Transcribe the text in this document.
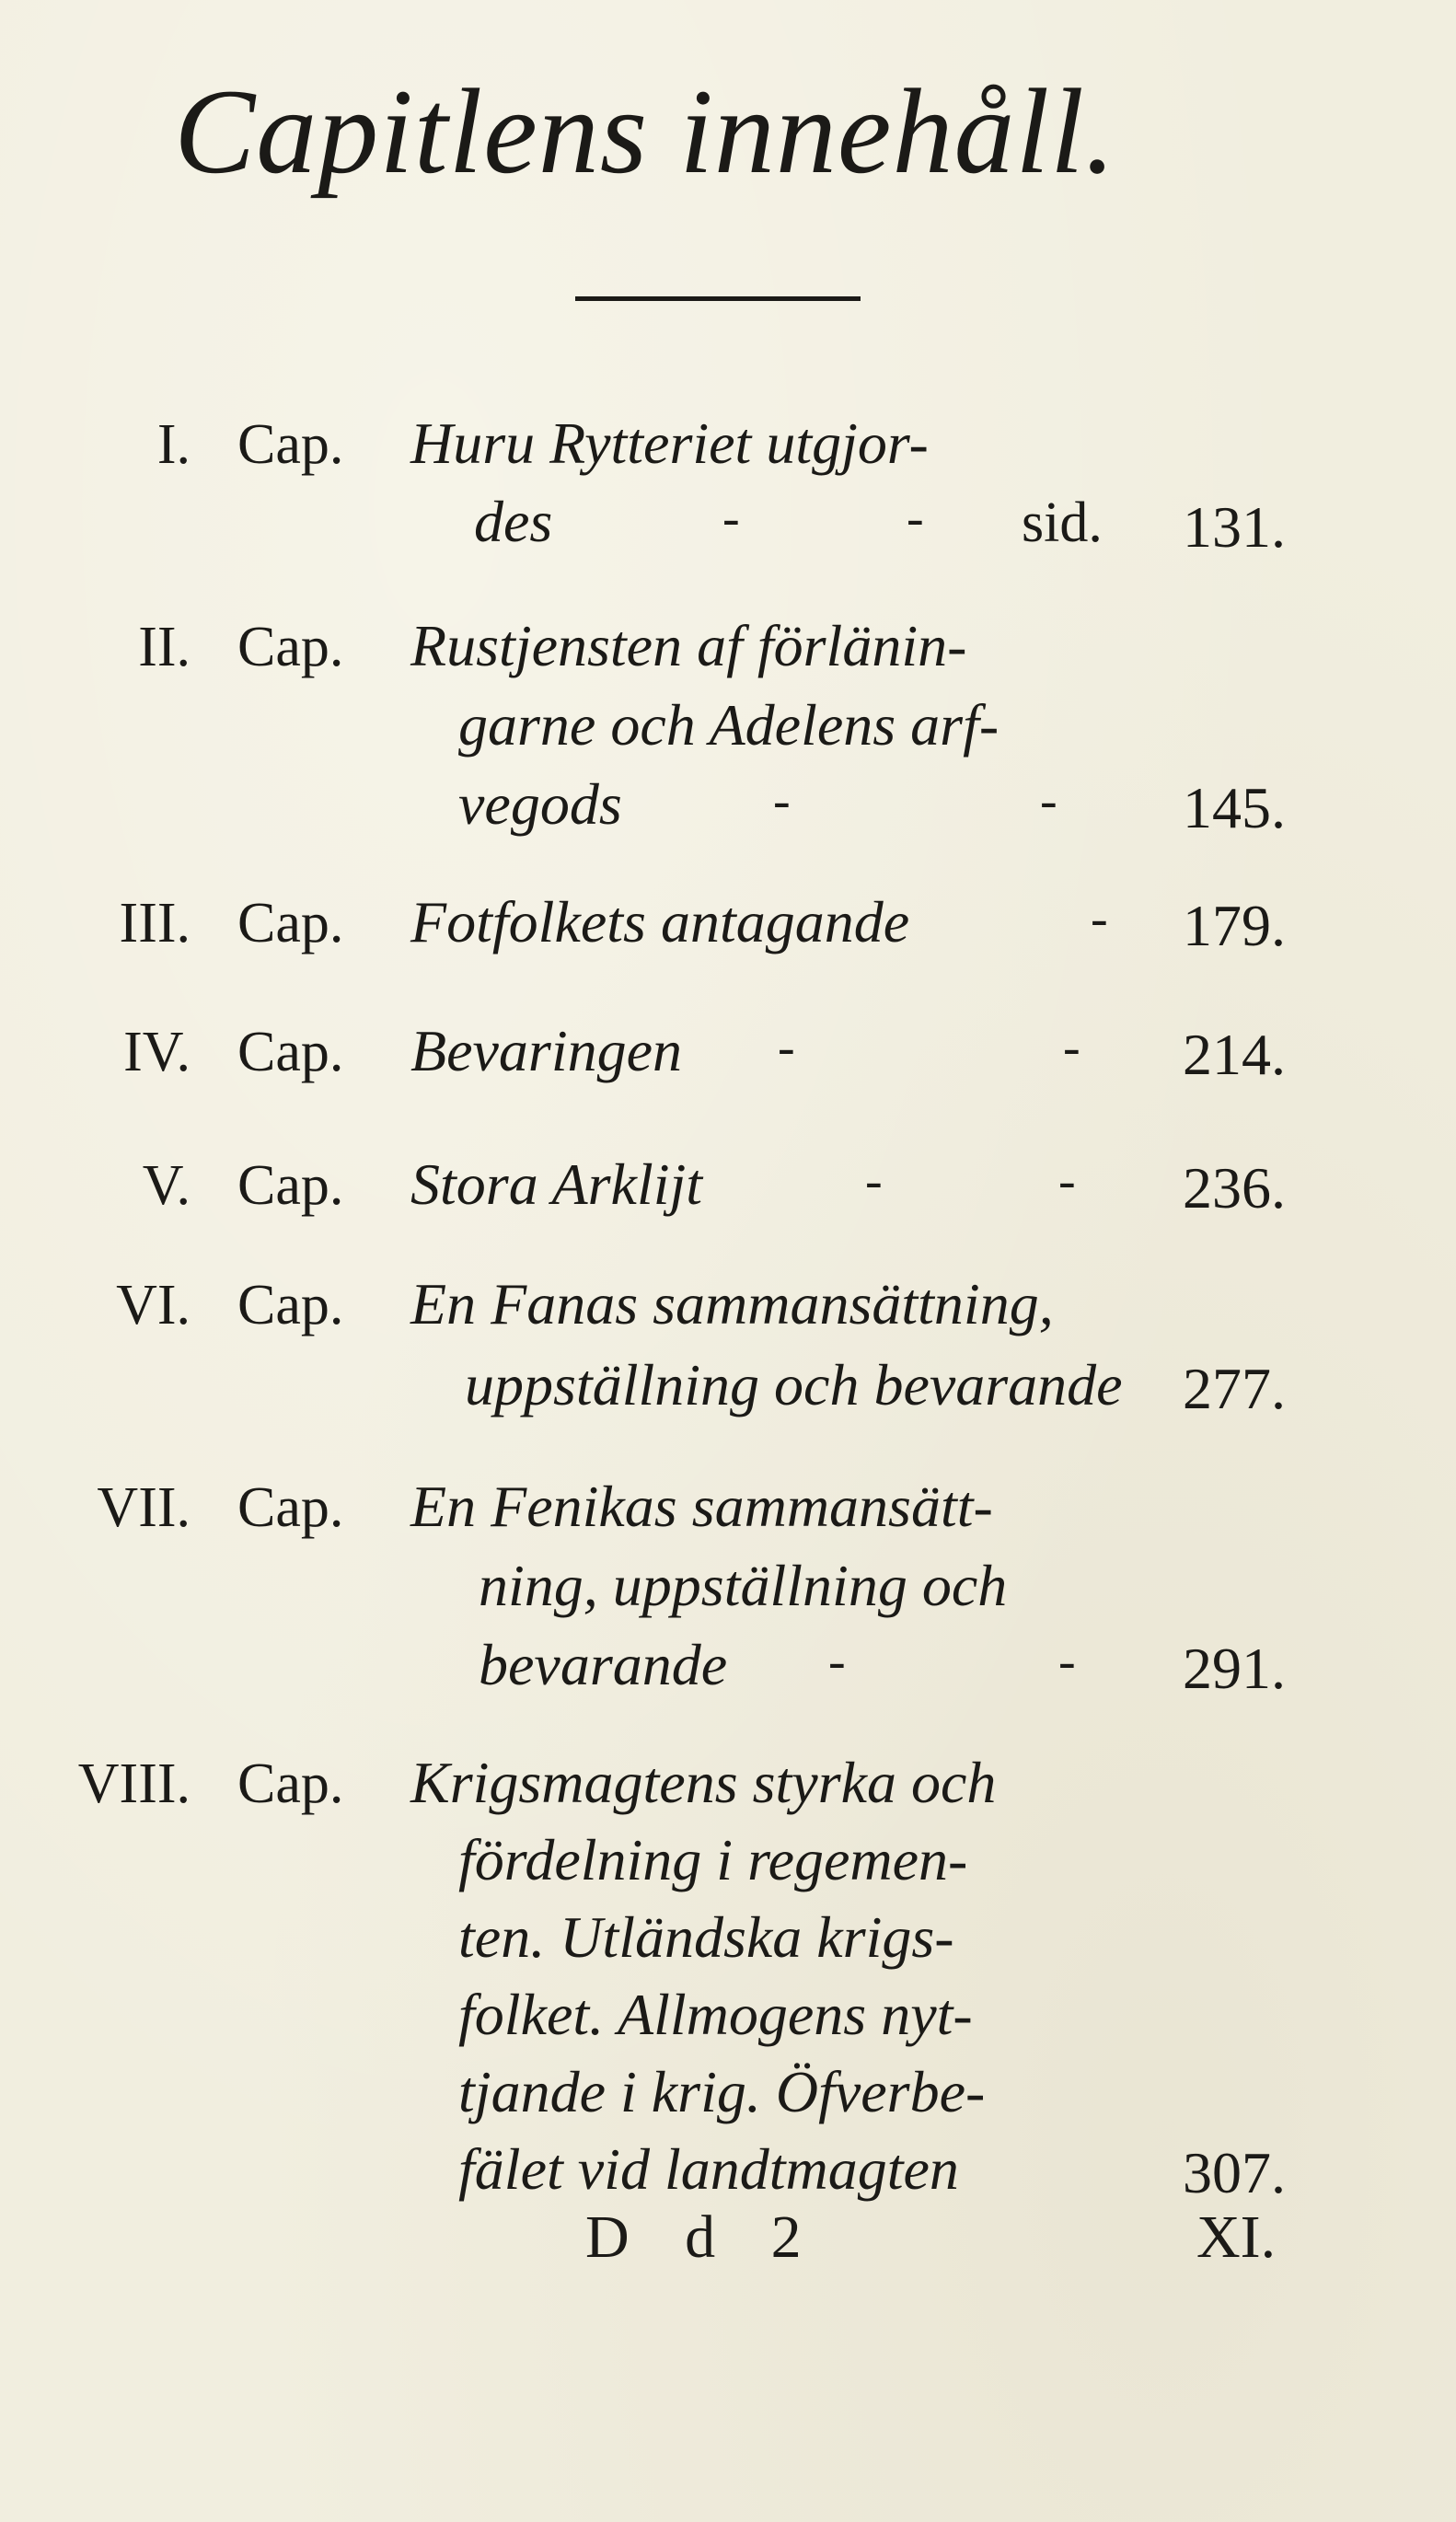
Capitlens innehåll.
I. Cap. Huru Rytteriet utgjor-
des	-	- sid. 131.
II. Cap. Rustjensten af förlänin-
garne och Adelens arf-
vegods	-	- 145.
III. Cap. Fotfolkets antagande	- 179.
IV. Cap. Bevaringen -	- 214.
V. Cap. Stora Arklijt	-	- 236.
VI. Cap. En Fanas sammansättning,
uppställning och bevarande 277.
VII. Cap. En Fenikas sammansätt-
ning, uppställning och
bevarande -	- 291.
VIII. Cap. Krigsmagtens styrka och
fördelning i regemen-
ten. Utländska krigs-
folket. Allmogens nyt-
tjande i krig. Öfverbe-
fälet vid landtmagten	307.
D d 2	XI.
